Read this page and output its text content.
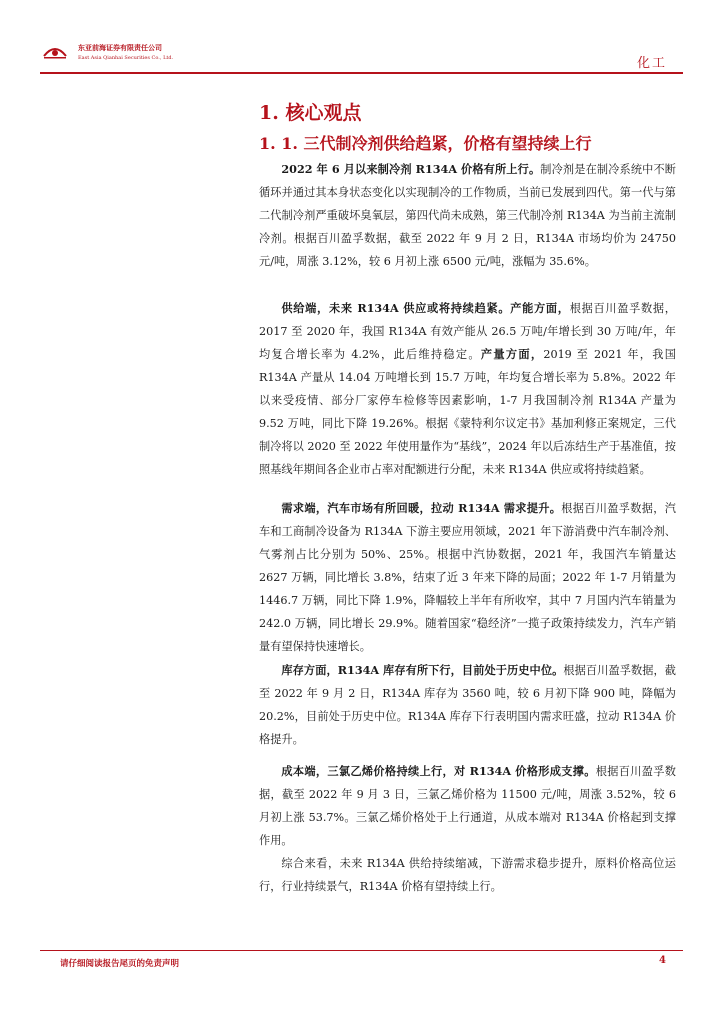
东亚前海证券有限责任公司
East Asia Qianhai Securities Co., Ltd.	化工
1. 核心观点
1. 1. 三代制冷剂供给趋紧，价格有望持续上行

2022 年 6 月以来制冷剂 R134A 价格有所上行。制冷剂是在制冷系统中不断循环并通过其本身状态变化以实现制冷的工作物质，当前已发展到四代。第一代与第二代制冷剂严重破坏臭氧层，第四代尚未成熟，第三代制冷剂 R134A 为当前主流制冷剂。根据百川盈孚数据，截至 2022 年 9 月 2 日，R134A 市场均价为 24750 元/吨，周涨 3.12%，较 6 月初上涨 6500 元/吨，涨幅为 35.6%。

供给端，未来 R134A 供应或将持续趋紧。产能方面，根据百川盈孚数据，2017 至 2020 年，我国 R134A 有效产能从 26.5 万吨/年增长到 30 万吨/年，年均复合增长率为 4.2%，此后维持稳定。产量方面，2019 至 2021 年，我国 R134A 产量从 14.04 万吨增长到 15.7 万吨，年均复合增长率为 5.8%。2022 年以来受疫情、部分厂家停车检修等因素影响，1-7 月我国制冷剂 R134A 产量为 9.52 万吨，同比下降 19.26%。根据《蒙特利尔议定书》基加利修正案规定，三代制冷将以 2020 至 2022 年使用量作为“基线”，2024 年以后冻结生产于基准值，按照基线年期间各企业市占率对配额进行分配，未来 R134A 供应或将持续趋紧。

需求端，汽车市场有所回暖，拉动 R134A 需求提升。根据百川盈孚数据，汽车和工商制冷设备为 R134A 下游主要应用领域，2021 年下游消费中汽车制冷剂、气雾剂占比分别为 50%、25%。根据中汽协数据，2021 年，我国汽车销量达 2627 万辆，同比增长 3.8%，结束了近 3 年来下降的局面；2022 年 1-7 月销量为 1446.7 万辆，同比下降 1.9%，降幅较上半年有所收窄，其中 7 月国内汽车销量为 242.0 万辆，同比增长 29.9%。随着国家“稳经济”一揽子政策持续发力，汽车产销量有望保持快速增长。

库存方面，R134A 库存有所下行，目前处于历史中位。根据百川盈孚数据，截至 2022 年 9 月 2 日，R134A 库存为 3560 吨，较 6 月初下降 900 吨，降幅为 20.2%，目前处于历史中位。R134A 库存下行表明国内需求旺盛，拉动 R134A 价格提升。

成本端，三氯乙烯价格持续上行，对 R134A 价格形成支撑。根据百川盈孚数据，截至 2022 年 9 月 3 日，三氯乙烯价格为 11500 元/吨，周涨 3.52%，较 6 月初上涨 53.7%。三氯乙烯价格处于上行通道，从成本端对 R134A 价格起到支撑作用。

综合来看，未来 R134A 供给持续缩减，下游需求稳步提升，原料价格高位运行，行业持续景气，R134A 价格有望持续上行。

请仔细阅读报告尾页的免责声明	4
